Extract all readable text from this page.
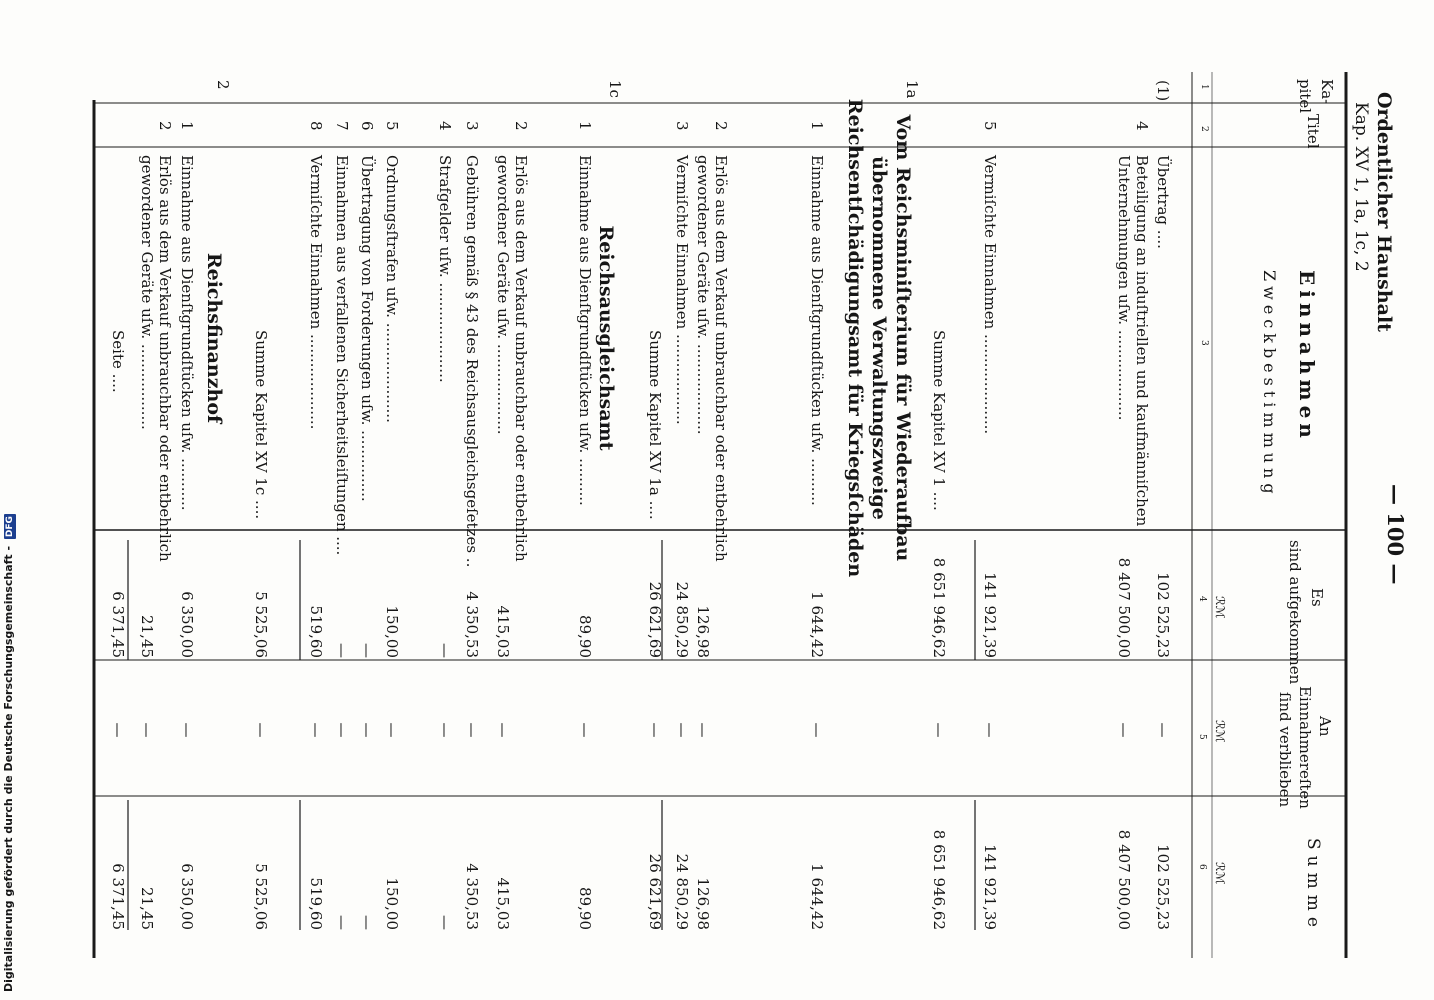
Digitalisierung gefördert durch die Deutsche Forschungsgemeinschaft - DFG
Ordentlicher Haushalt
Kap. XV 1, 1a, 1c, 2
— 100 —
Ka-
pitel
Titel
Einnahmen
Zweckbestimmung
Es
sind aufgekommen
An
Einnahmereſten
ſind verblieben
Summe
ℛℳ
ℛℳ
ℛℳ
1
2
3
4
5
6
(1)
Übertrag ....
102 525,23
—
102 525,23
4
Beteiligung an induſtriellen und kaufmänniſchen
Unternehmungen uſw. ...................
8 407 500,00
—
8 407 500,00
5
Vermiſchte Einnahmen .....................
141 921,39
—
141 921,39
Summe Kapitel XV 1 ....
8 651 946,62
—
8 651 946,62
1a
Vom Reichsminiſterium für Wiederaufbau
übernommene Verwaltungszweige
Reichsentſchädigungsamt für Kriegsſchäden
1
Einnahme aus Dienſtgrundſtücken uſw. ..........
1 644,42
—
1 644,42
2
Erlös aus dem Verkauf unbrauchbar oder entbehrlich
gewordener Geräte uſw. ...................
126,98
—
126,98
3
Vermiſchte Einnahmen ...................
24 850,29
—
24 850,29
Summe Kapitel XV 1a ....
26 621,69
—
26 621,69
1c
Reichsausgleichsamt
1
Einnahme aus Dienſtgrundſtücken uſw. ..........
89,90
—
89,90
2
Erlös aus dem Verkauf unbrauchbar oder entbehrlich
gewordener Geräte uſw. ...................
415,03
—
415,03
3
Gebühren gemäß § 43 des Reichsausgleichsgeſetzes ..
4 350,53
—
4 350,53
4
Strafgelder uſw. .....................
—
—
—
5
Ordnungsſtrafen uſw. .....................
150,00
—
150,00
6
Übertragung von Forderungen uſw. ...............
—
—
—
7
Einnahmen aus verfallenen Sicherheitsleiſtungen ....
—
—
—
8
Vermiſchte Einnahmen ....................
519,60
—
519,60
Summe Kapitel XV 1c ....
5 525,06
—
5 525,06
2
Reichsfinanzhof
1
Einnahme aus Dienſtgrundſtücken uſw. ...........
6 350,00
—
6 350,00
2
Erlös aus dem Verkauf unbrauchbar oder entbehrlich
gewordener Geräte uſw. ..................
21,45
—
21,45
Seite ....
6 371,45
—
6 371,45
